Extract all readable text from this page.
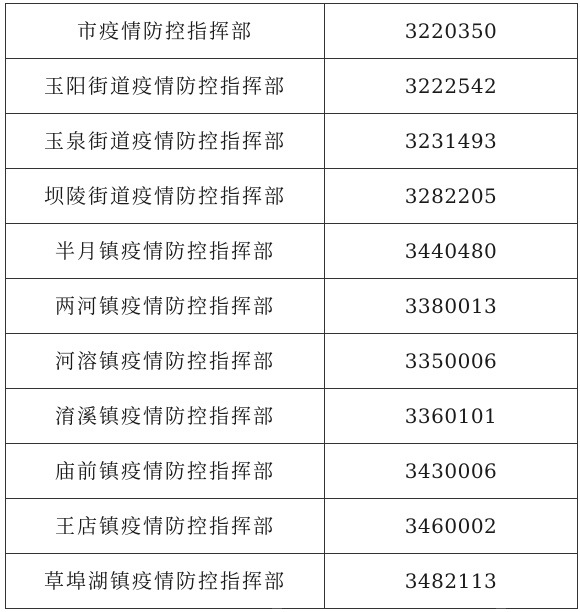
市疫情防控指挥部	3220350
玉阳街道疫情防控指挥部	3222542
玉泉街道疫情防控指挥部	3231493
坝陵街道疫情防控指挥部	3282205
半月镇疫情防控指挥部	3440480
两河镇疫情防控指挥部	3380013
河溶镇疫情防控指挥部	3350006
淯溪镇疫情防控指挥部	3360101
庙前镇疫情防控指挥部	3430006
王店镇疫情防控指挥部	3460002
草埠湖镇疫情防控指挥部	3482113
